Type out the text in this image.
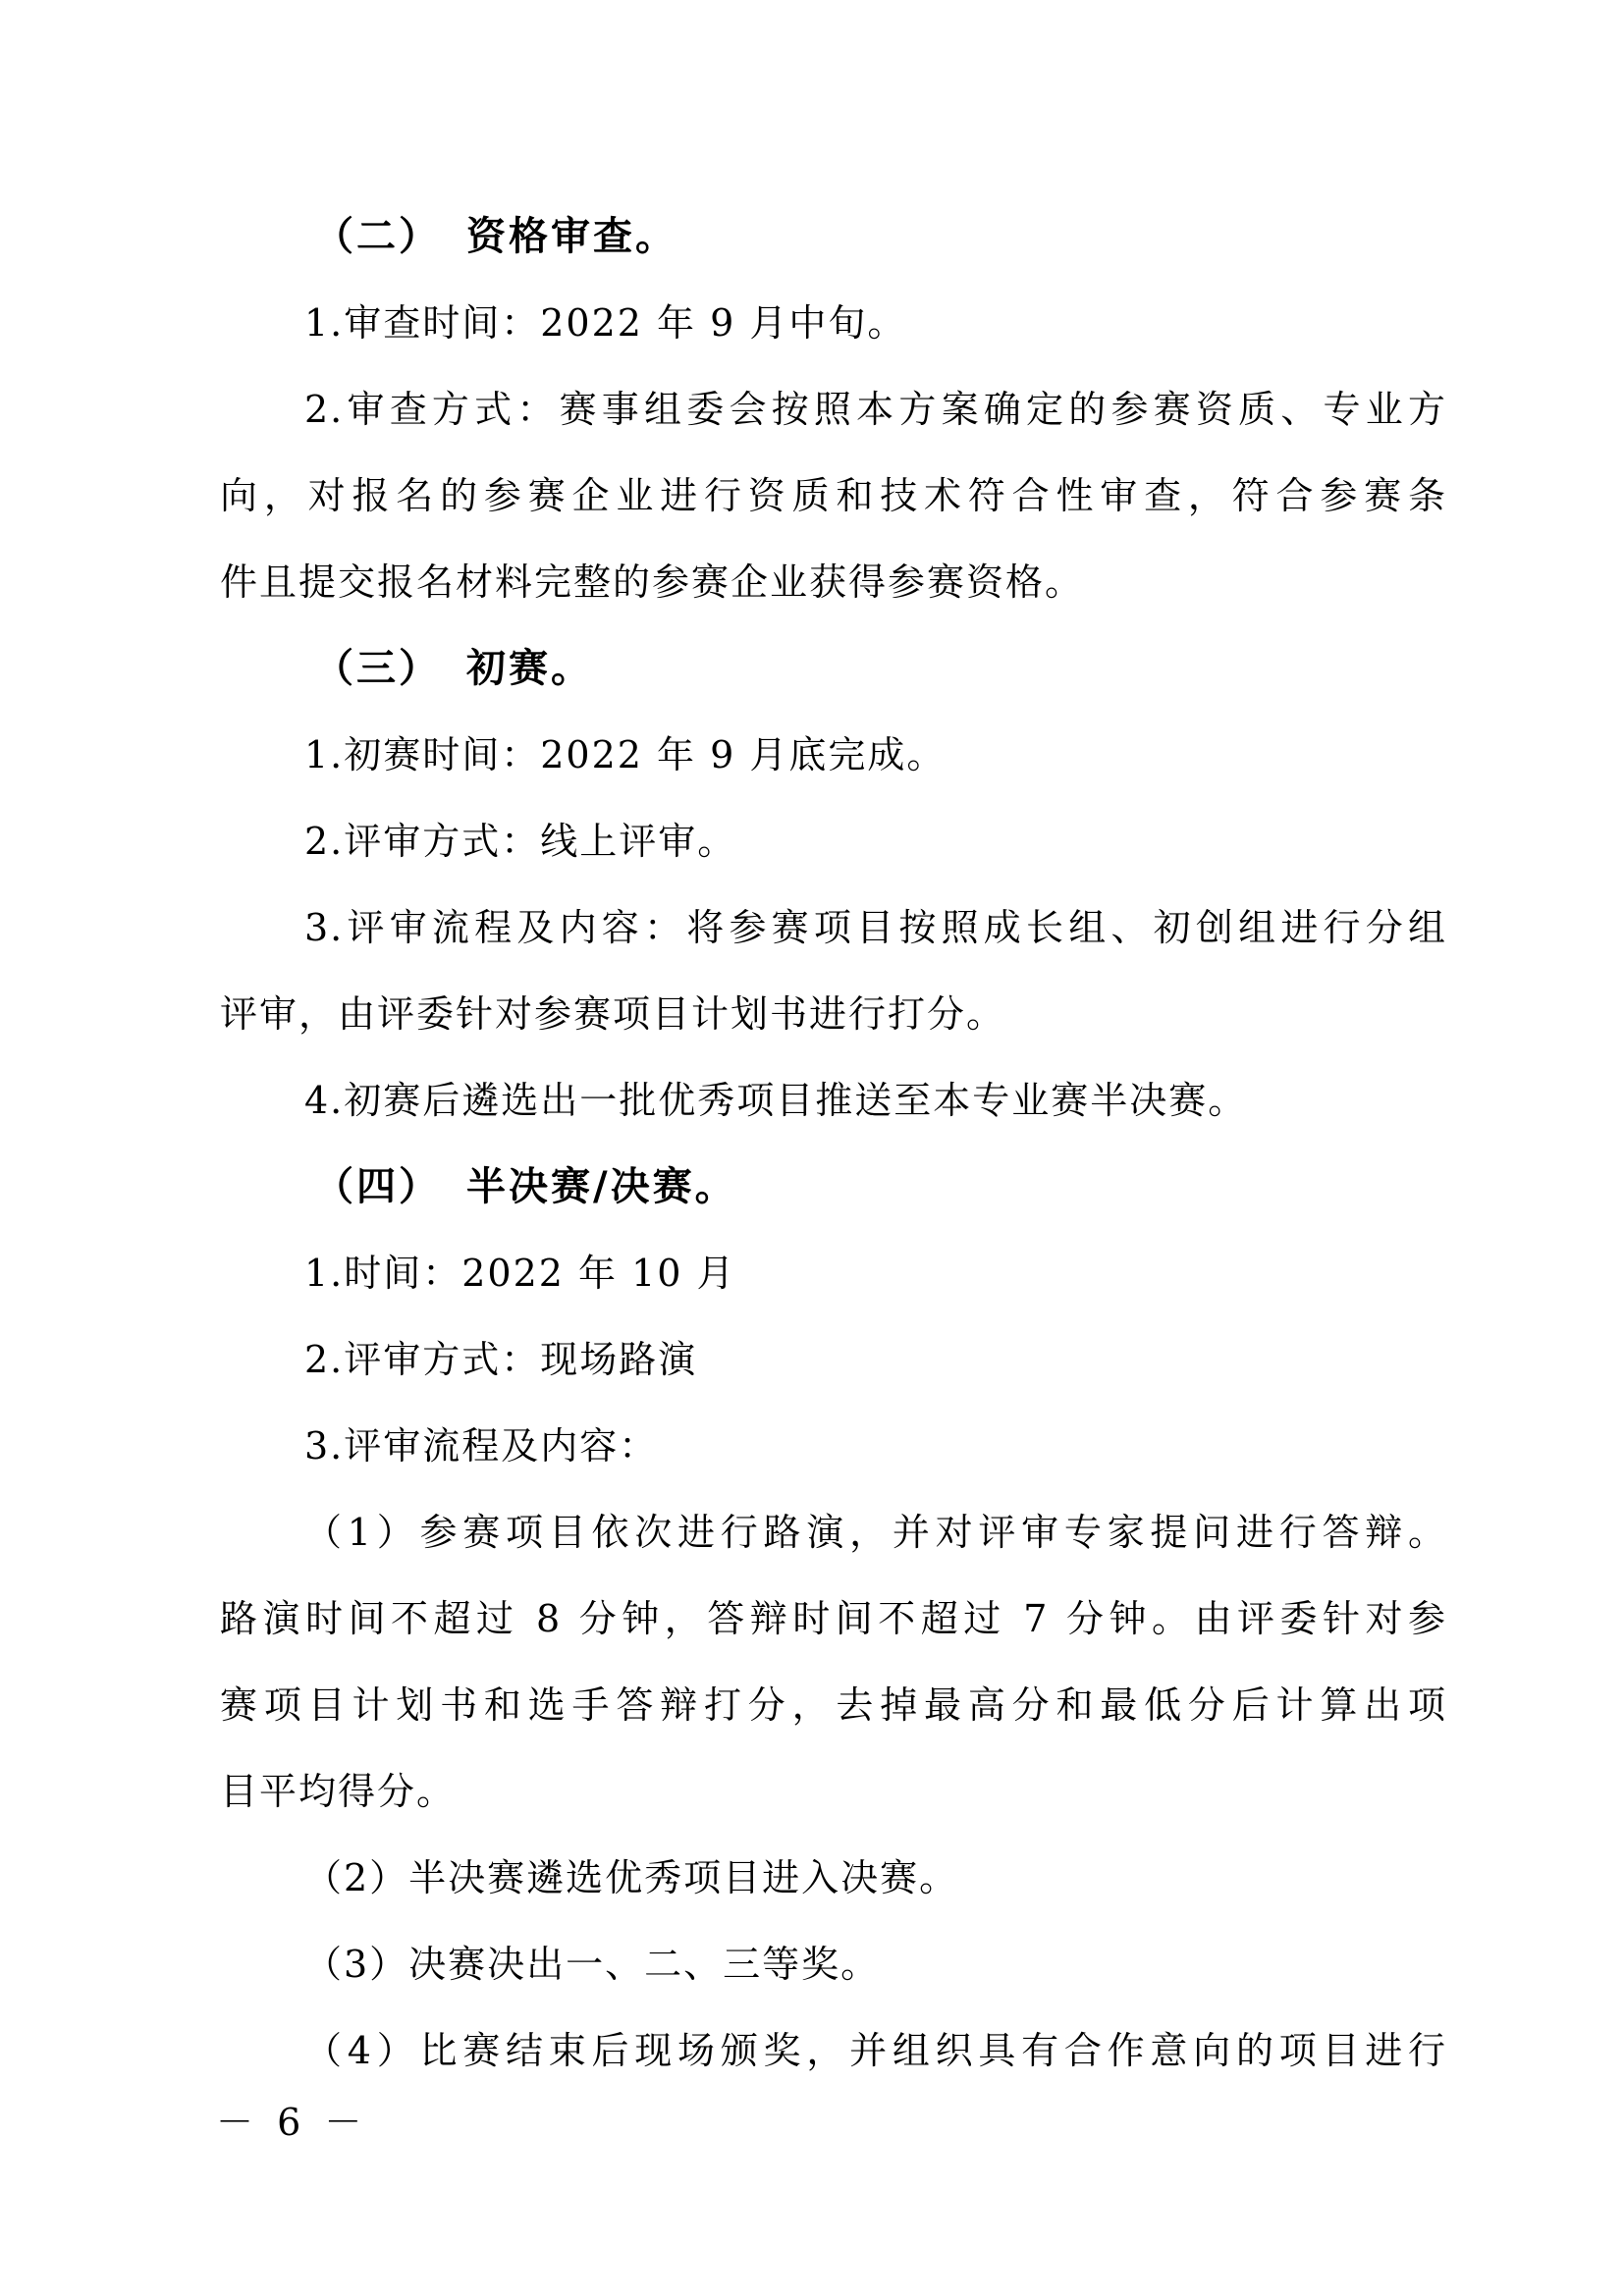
（二） 资格审查。
1.审查时间：2022 年 9 月中旬。
2.审查方式：赛事组委会按照本方案确定的参赛资质、专业方
向，对报名的参赛企业进行资质和技术符合性审查，符合参赛条
件且提交报名材料完整的参赛企业获得参赛资格。
（三） 初赛。
1.初赛时间：2022 年 9 月底完成。
2.评审方式：线上评审。
3.评审流程及内容：将参赛项目按照成长组、初创组进行分组
评审，由评委针对参赛项目计划书进行打分。
4.初赛后遴选出一批优秀项目推送至本专业赛半决赛。
（四） 半决赛/决赛。
1.时间：2022 年 10 月
2.评审方式：现场路演
3.评审流程及内容：
（1）参赛项目依次进行路演，并对评审专家提问进行答辩。
路演时间不超过 8 分钟，答辩时间不超过 7 分钟。由评委针对参
赛项目计划书和选手答辩打分，去掉最高分和最低分后计算出项
目平均得分。
（2）半决赛遴选优秀项目进入决赛。
（3）决赛决出一、二、三等奖。
（4）比赛结束后现场颁奖，并组织具有合作意向的项目进行
－ 6 －
